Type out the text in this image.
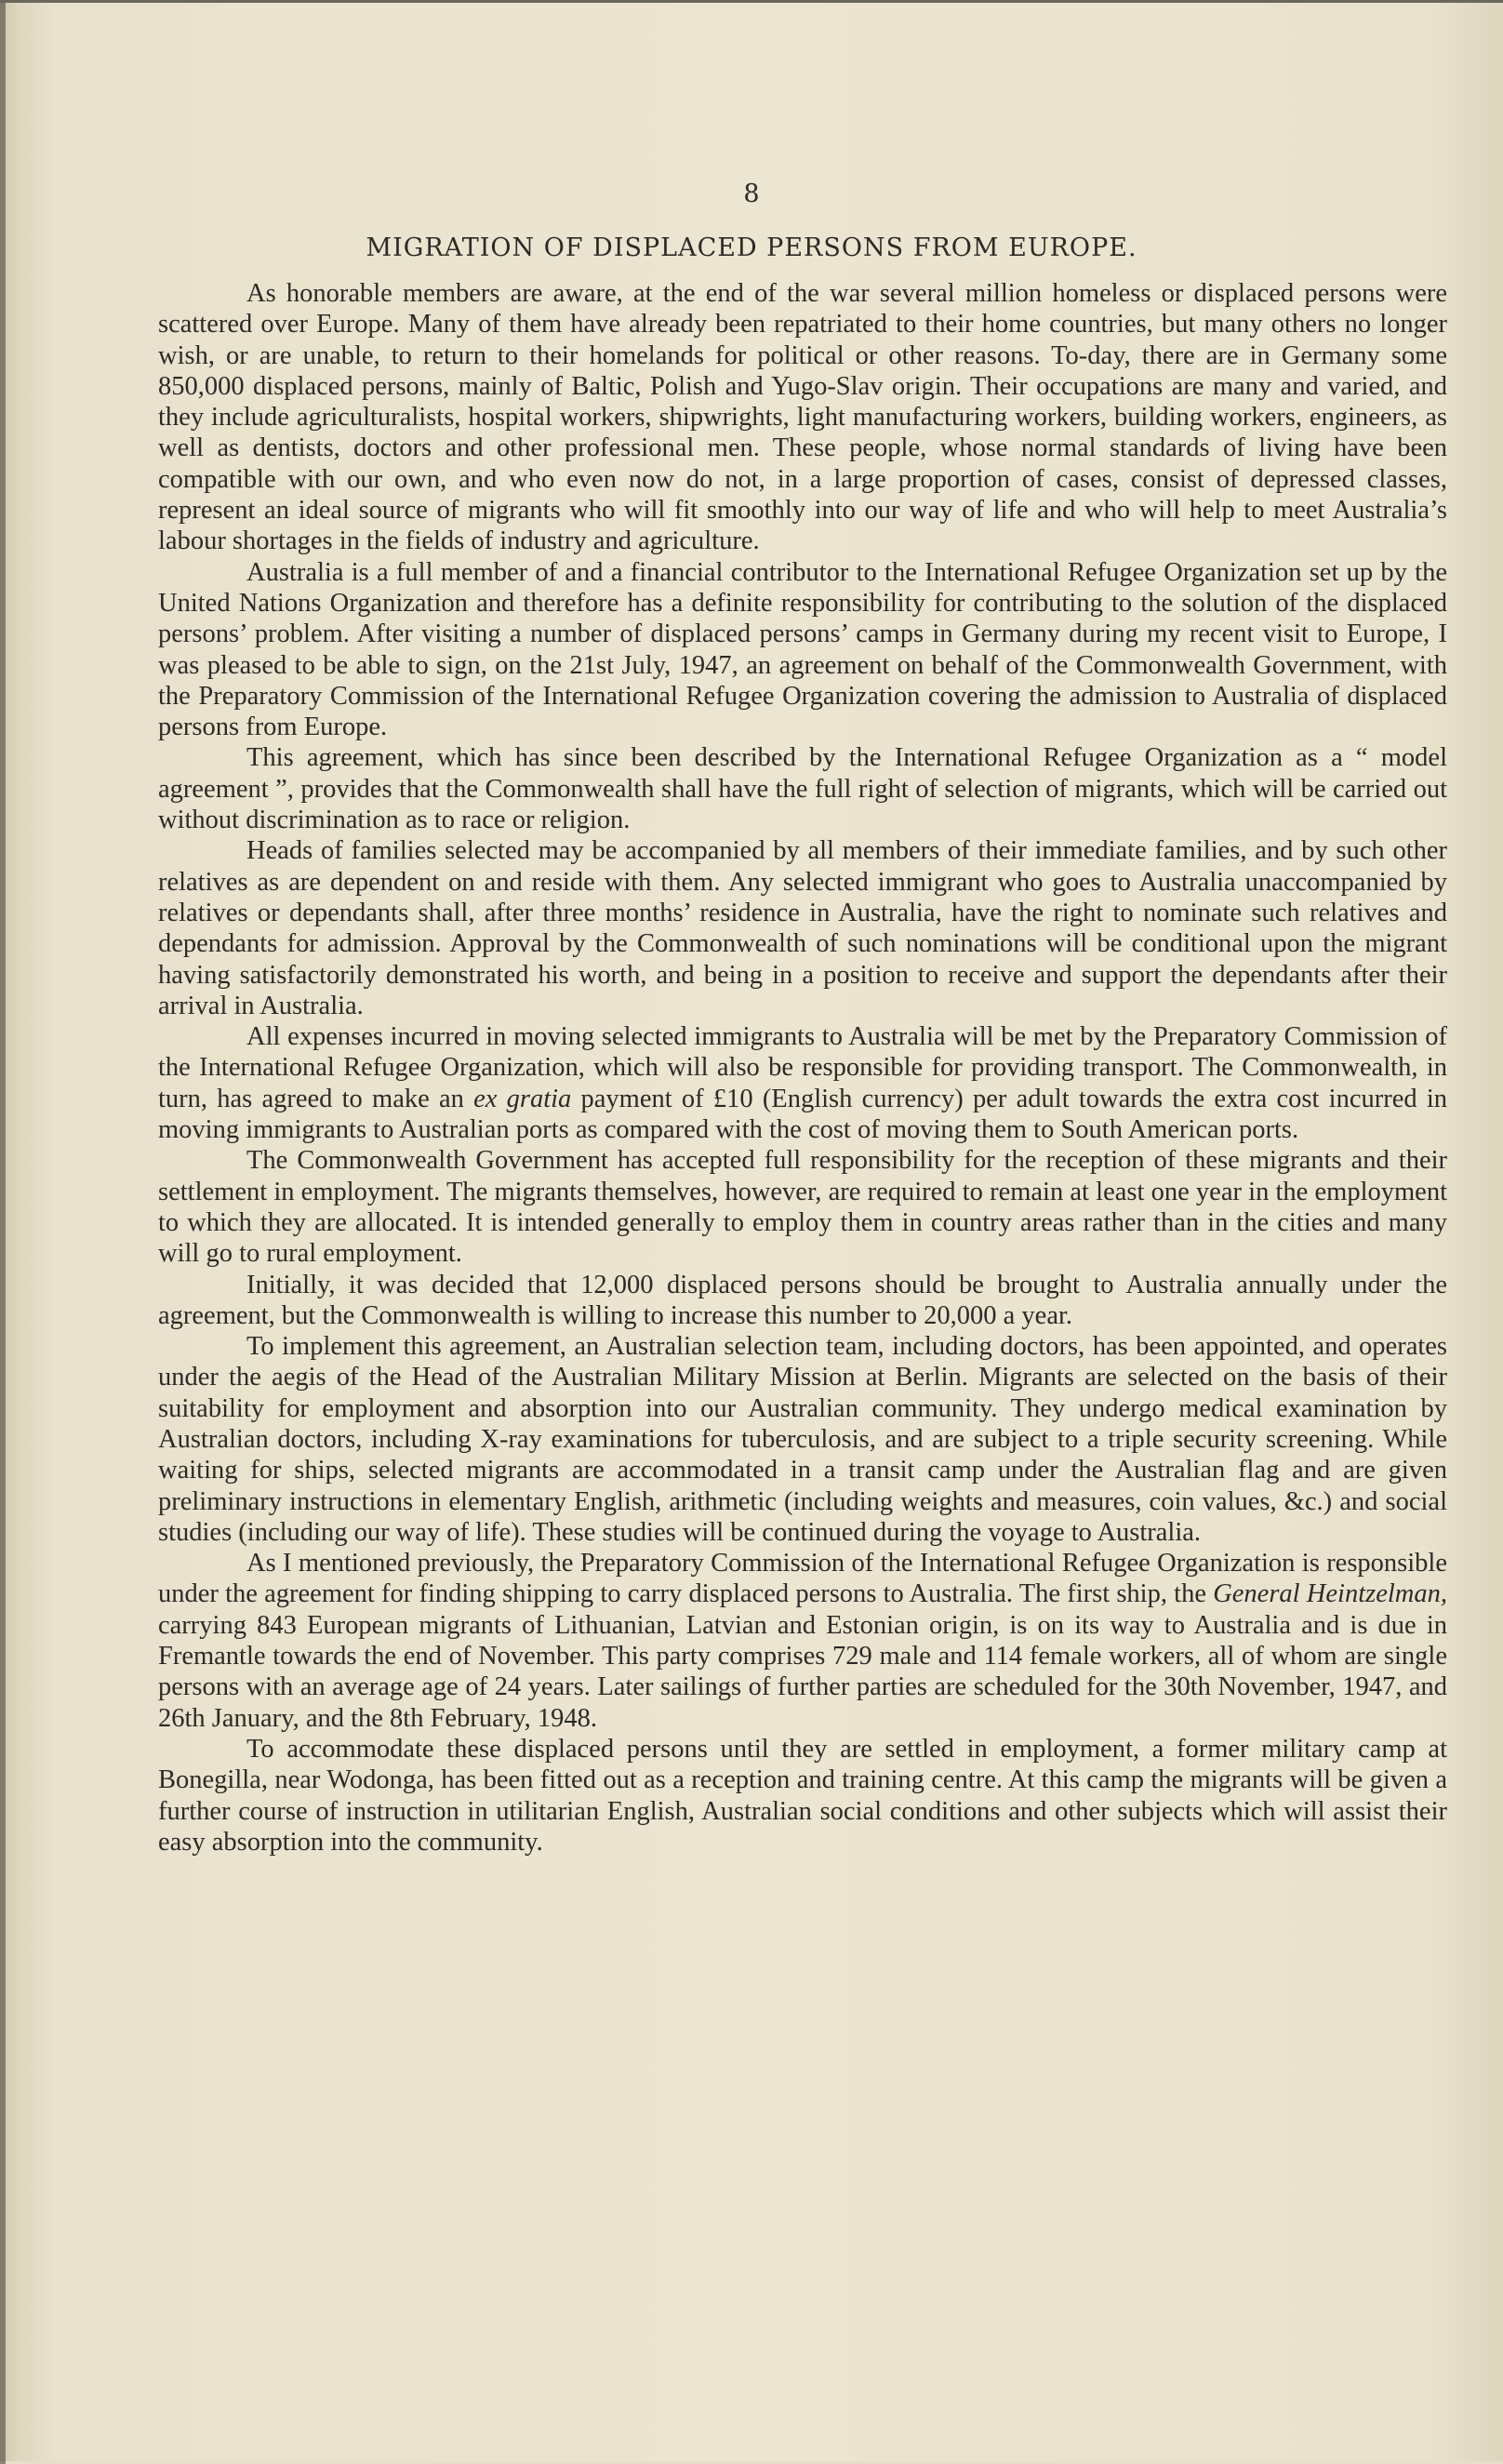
8
MIGRATION OF DISPLACED PERSONS FROM EUROPE.

As honorable members are aware, at the end of the war several million homeless or displaced persons were scattered over Europe. Many of them have already been repatriated to their home countries, but many others no longer wish, or are unable, to return to their homelands for political or other reasons. To-day, there are in Germany some 850,000 displaced persons, mainly of Baltic, Polish and Yugo-Slav origin. Their occupations are many and varied, and they include agriculturalists, hospital workers, shipwrights, light manufacturing workers, building workers, engineers, as well as dentists, doctors and other professional men. These people, whose normal standards of living have been compatible with our own, and who even now do not, in a large proportion of cases, consist of depressed classes, represent an ideal source of migrants who will fit smoothly into our way of life and who will help to meet Australia’s labour shortages in the fields of industry and agriculture.

Australia is a full member of and a financial contributor to the International Refugee Organization set up by the United Nations Organization and therefore has a definite responsibility for contributing to the solution of the displaced persons’ problem. After visiting a number of displaced persons’ camps in Germany during my recent visit to Europe, I was pleased to be able to sign, on the 21st July, 1947, an agreement on behalf of the Commonwealth Government, with the Preparatory Commission of the International Refugee Organization covering the admission to Australia of displaced persons from Europe.

This agreement, which has since been described by the International Refugee Organization as a “ model agreement ”, provides that the Commonwealth shall have the full right of selection of migrants, which will be carried out without discrimination as to race or religion.

Heads of families selected may be accompanied by all members of their immediate families, and by such other relatives as are dependent on and reside with them. Any selected immigrant who goes to Australia unaccompanied by relatives or dependants shall, after three months’ residence in Australia, have the right to nominate such relatives and dependants for admission. Approval by the Commonwealth of such nominations will be conditional upon the migrant having satisfactorily demonstrated his worth, and being in a position to receive and support the dependants after their arrival in Australia.

All expenses incurred in moving selected immigrants to Australia will be met by the Preparatory Commission of the International Refugee Organization, which will also be responsible for providing transport. The Commonwealth, in turn, has agreed to make an ex gratia payment of £10 (English currency) per adult towards the extra cost incurred in moving immigrants to Australian ports as compared with the cost of moving them to South American ports.

The Commonwealth Government has accepted full responsibility for the reception of these migrants and their settlement in employment. The migrants themselves, however, are required to remain at least one year in the employment to which they are allocated. It is intended generally to employ them in country areas rather than in the cities and many will go to rural employment.

Initially, it was decided that 12,000 displaced persons should be brought to Australia annually under the agreement, but the Commonwealth is willing to increase this number to 20,000 a year.

To implement this agreement, an Australian selection team, including doctors, has been appointed, and operates under the aegis of the Head of the Australian Military Mission at Berlin. Migrants are selected on the basis of their suitability for employment and absorption into our Australian community. They undergo medical examination by Australian doctors, including X-ray examinations for tuberculosis, and are subject to a triple security screening. While waiting for ships, selected migrants are accommodated in a transit camp under the Australian flag and are given preliminary instructions in elementary English, arithmetic (including weights and measures, coin values, &c.) and social studies (including our way of life). These studies will be continued during the voyage to Australia.

As I mentioned previously, the Preparatory Commission of the International Refugee Organization is responsible under the agreement for finding shipping to carry displaced persons to Australia. The first ship, the General Heintzelman, carrying 843 European migrants of Lithuanian, Latvian and Estonian origin, is on its way to Australia and is due in Fremantle towards the end of November. This party comprises 729 male and 114 female workers, all of whom are single persons with an average age of 24 years. Later sailings of further parties are scheduled for the 30th November, 1947, and 26th January, and the 8th February, 1948.

To accommodate these displaced persons until they are settled in employment, a former military camp at Bonegilla, near Wodonga, has been fitted out as a reception and training centre. At this camp the migrants will be given a further course of instruction in utilitarian English, Australian social conditions and other subjects which will assist their easy absorption into the community.
